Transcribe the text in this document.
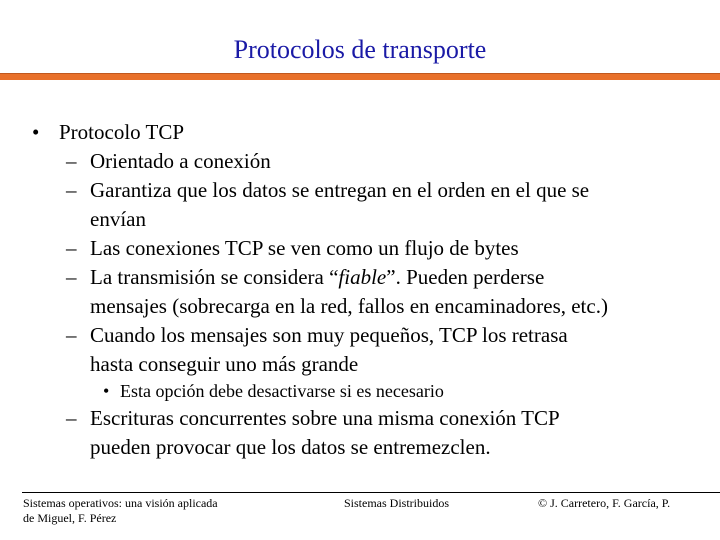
Protocolos de transporte
• Protocolo TCP
– Orientado a conexión
– Garantiza que los datos se entregan en el orden en el que se
envían
– Las conexiones TCP se ven como un flujo de bytes
– La transmisión se considera “fiable”. Pueden perderse
mensajes (sobrecarga en la red, fallos en encaminadores, etc.)
– Cuando los mensajes son muy pequeños, TCP los retrasa
hasta conseguir uno más grande
• Esta opción debe desactivarse si es necesario
– Escrituras concurrentes sobre una misma conexión TCP
pueden provocar que los datos se entremezclen.
Sistemas operativos: una visión aplicada
de Miguel, F. Pérez
Sistemas Distribuidos	© J. Carretero, F. García, P.
